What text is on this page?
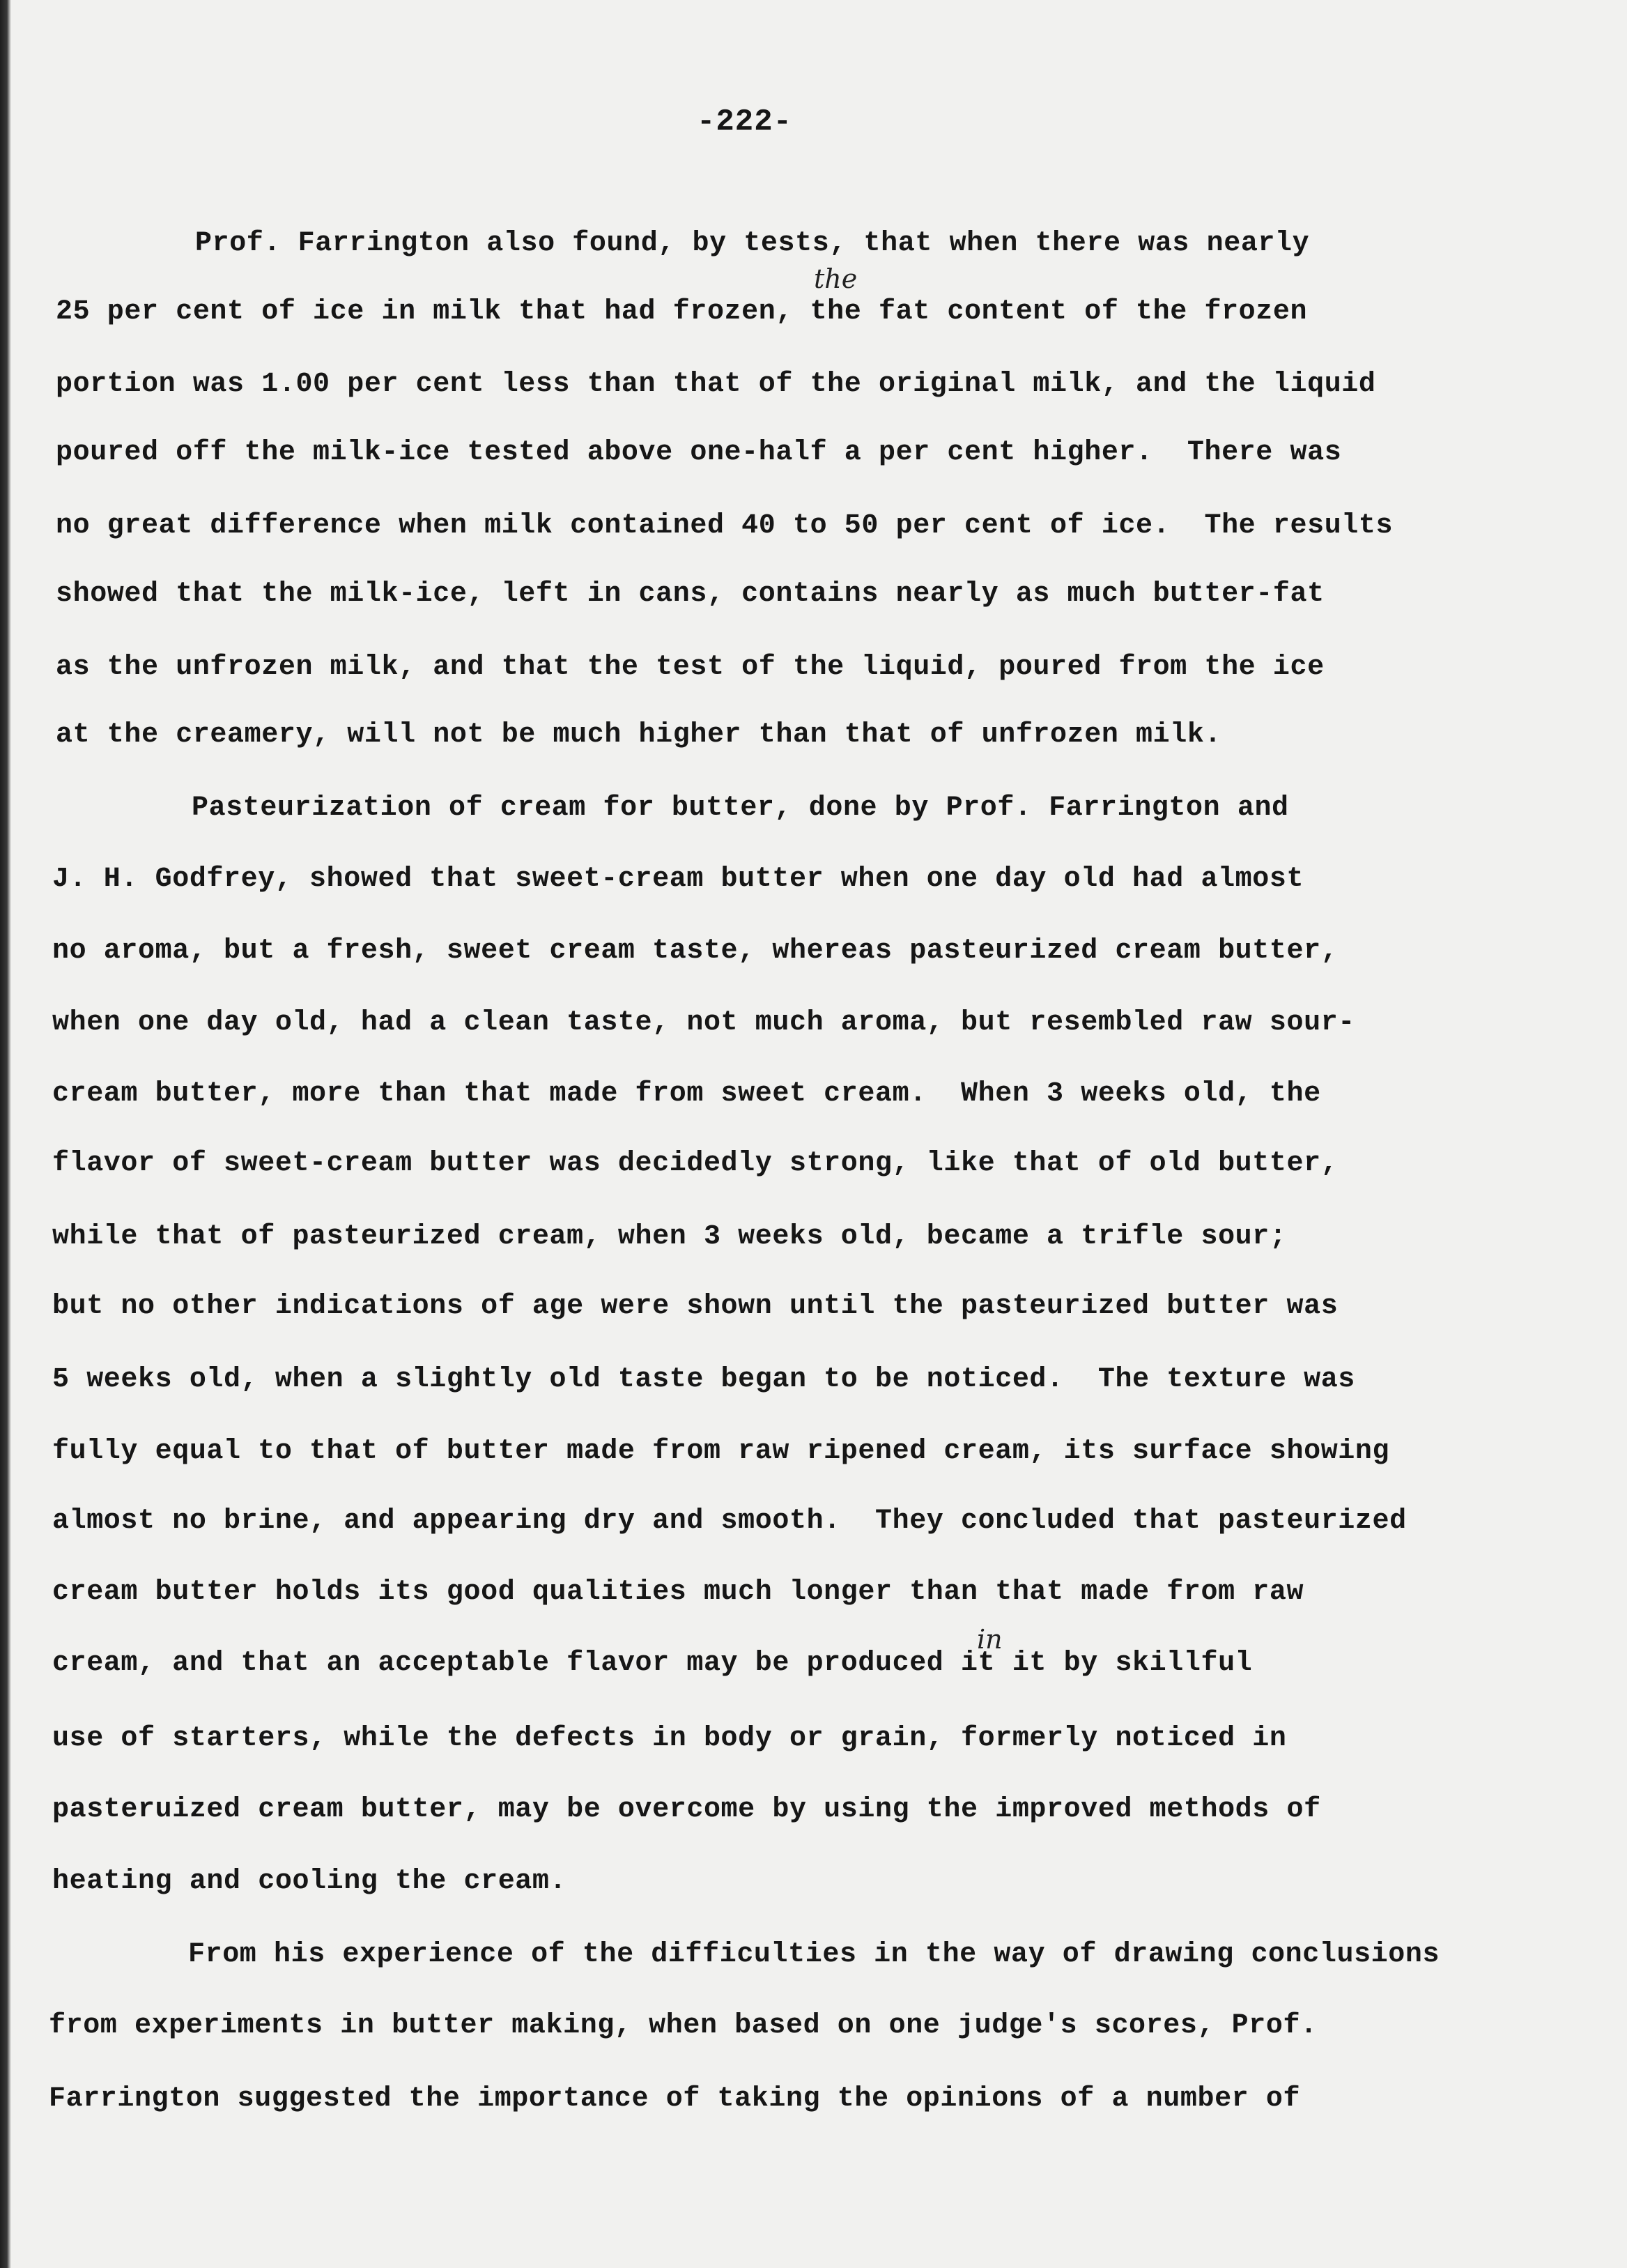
-222-
Prof. Farrington also found, by tests, that when there was nearly
25 per cent of ice in milk that had frozen, the fat content of the frozen
portion was 1.00 per cent less than that of the original milk, and the liquid
poured off the milk-ice tested above one-half a per cent higher.  There was
no great difference when milk contained 40 to 50 per cent of ice.  The results
showed that the milk-ice, left in cans, contains nearly as much butter-fat
as the unfrozen milk, and that the test of the liquid, poured from the ice
at the creamery, will not be much higher than that of unfrozen milk.
the
Pasteurization of cream for butter, done by Prof. Farrington and
J. H. Godfrey, showed that sweet-cream butter when one day old had almost
no aroma, but a fresh, sweet cream taste, whereas pasteurized cream butter,
when one day old, had a clean taste, not much aroma, but resembled raw sour-
cream butter, more than that made from sweet cream.  When 3 weeks old, the
flavor of sweet-cream butter was decidedly strong, like that of old butter,
while that of pasteurized cream, when 3 weeks old, became a trifle sour;
but no other indications of age were shown until the pasteurized butter was
5 weeks old, when a slightly old taste began to be noticed.  The texture was
fully equal to that of butter made from raw ripened cream, its surface showing
almost no brine, and appearing dry and smooth.  They concluded that pasteurized
cream butter holds its good qualities much longer than that made from raw
cream, and that an acceptable flavor may be produced it it by skillful
use of starters, while the defects in body or grain, formerly noticed in
pasteruized cream butter, may be overcome by using the improved methods of
heating and cooling the cream.
in
From his experience of the difficulties in the way of drawing conclusions
from experiments in butter making, when based on one judge's scores, Prof.
Farrington suggested the importance of taking the opinions of a number of
